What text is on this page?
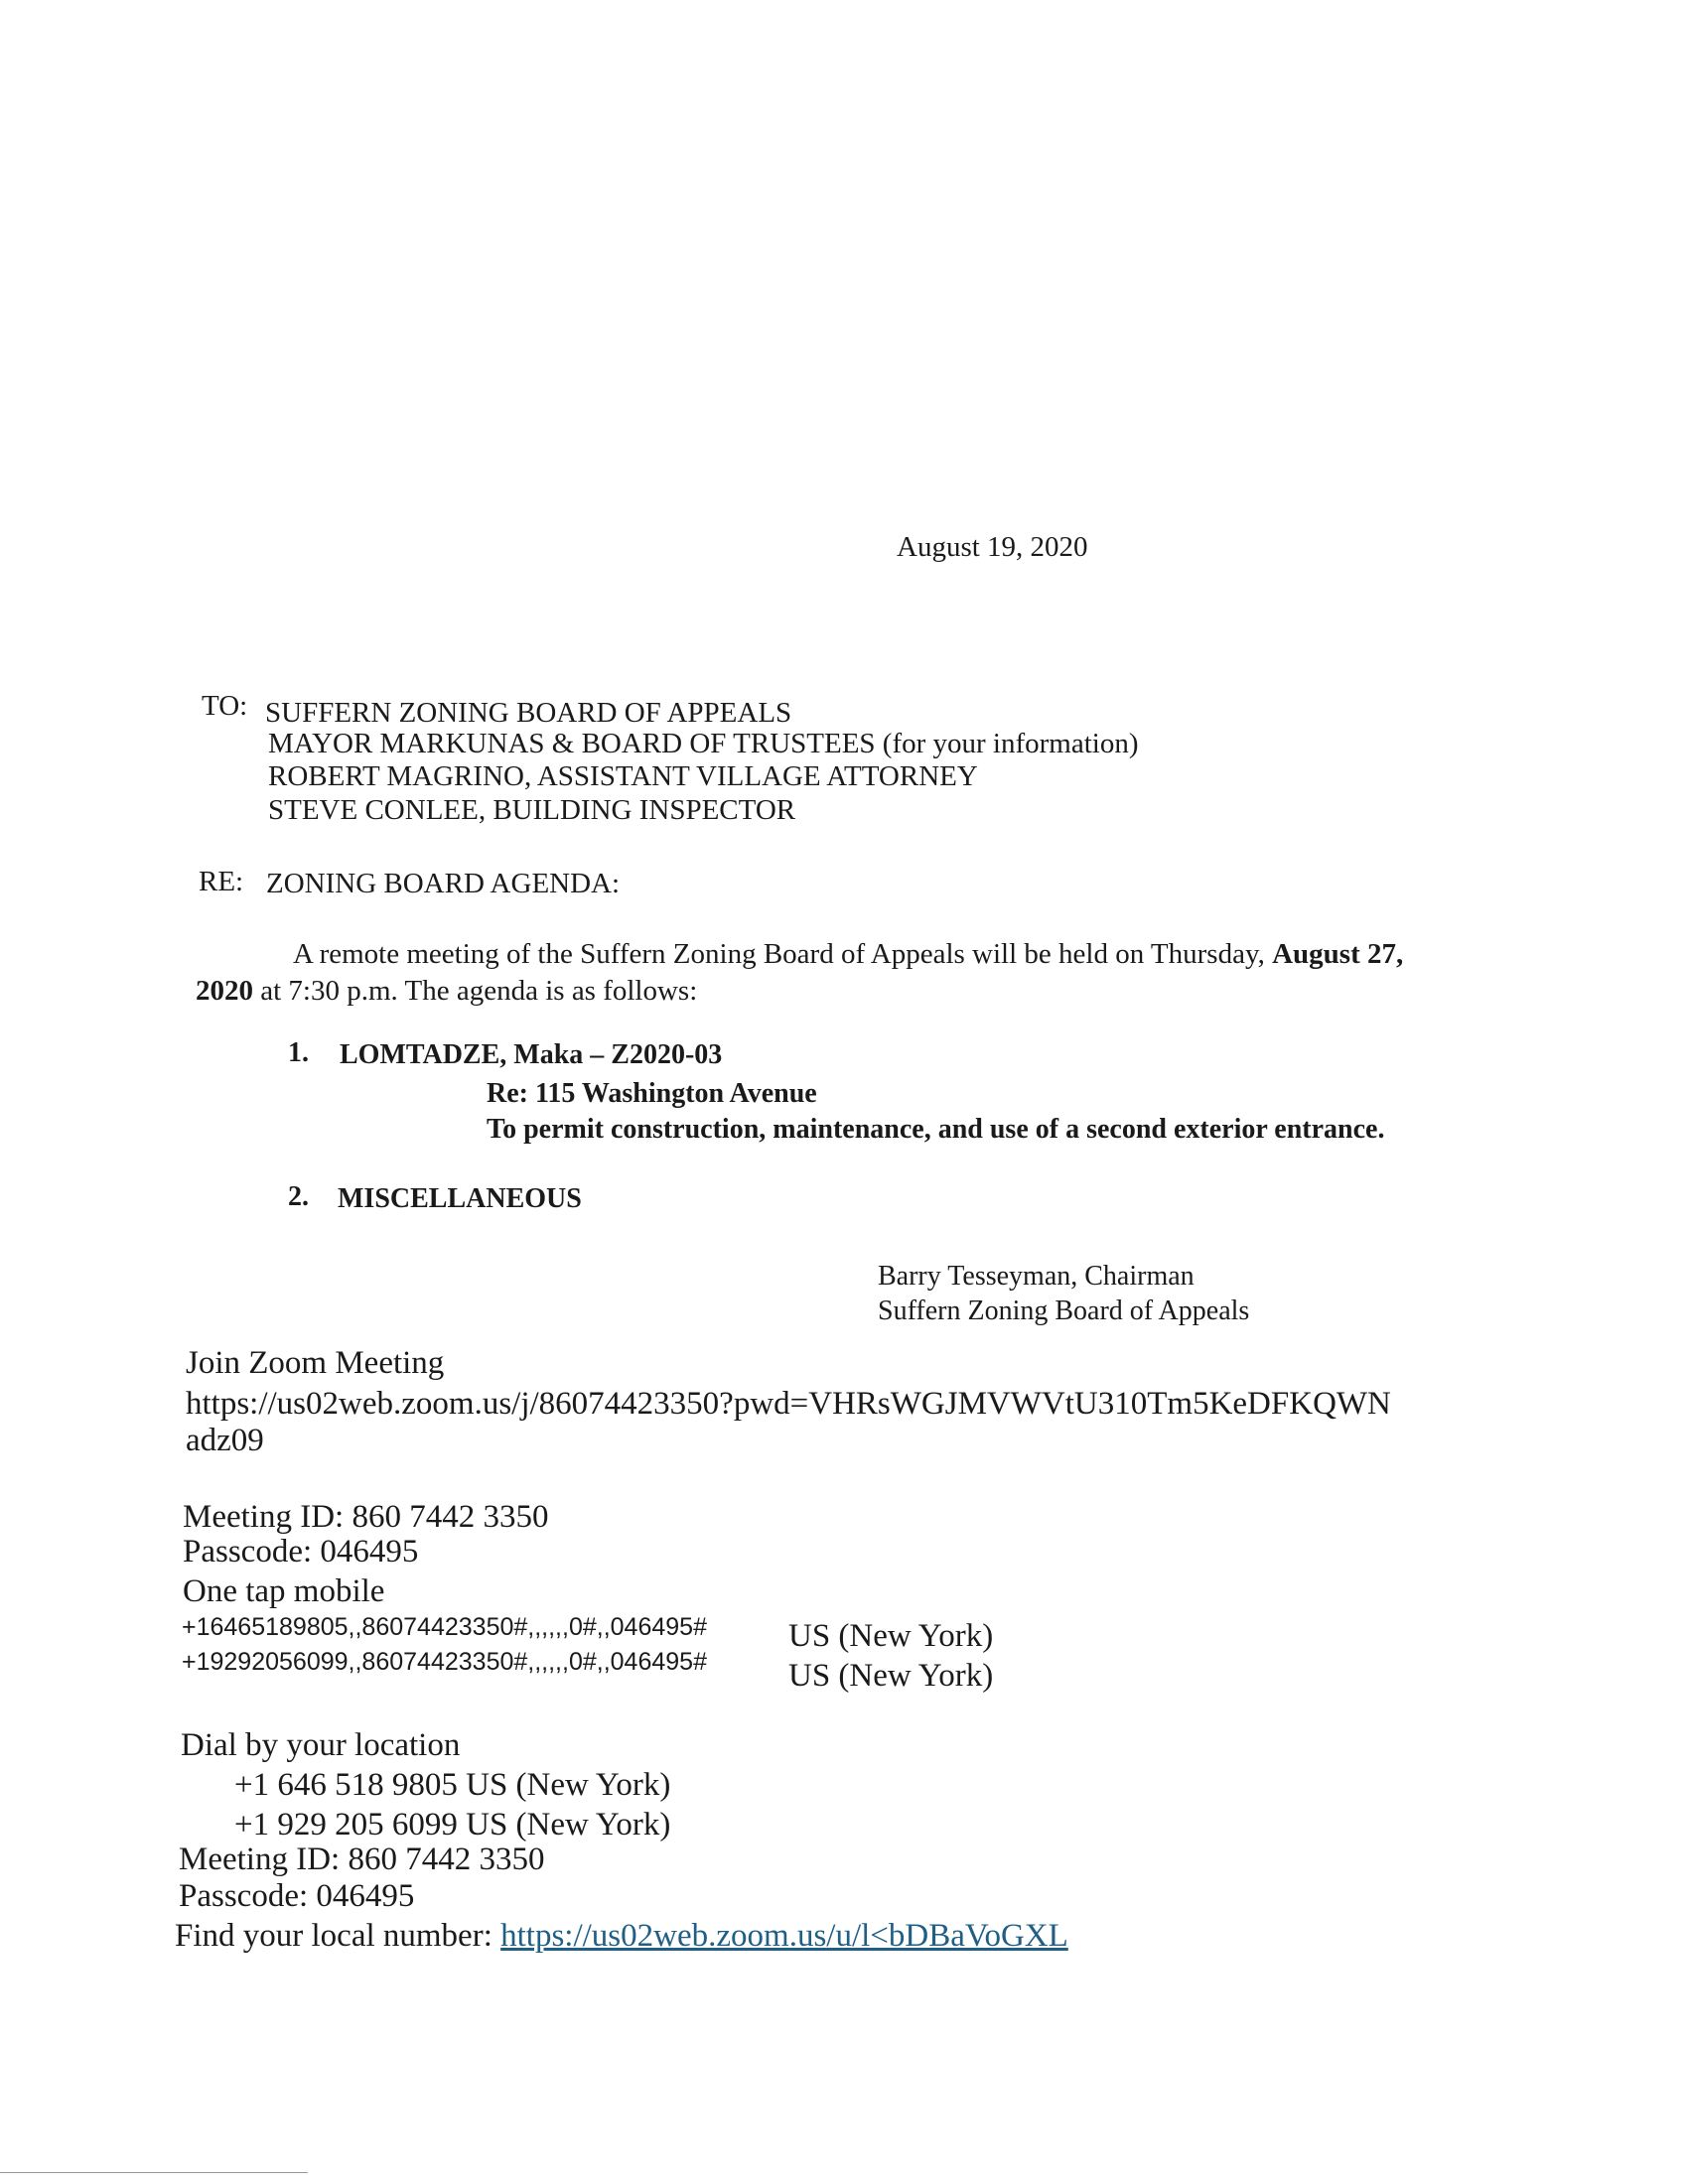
August 19, 2020
TO: SUFFERN ZONING BOARD OF APPEALS
MAYOR MARKUNAS & BOARD OF TRUSTEES (for your information)
ROBERT MAGRINO, ASSISTANT VILLAGE ATTORNEY
STEVE CONLEE, BUILDING INSPECTOR
RE: ZONING BOARD AGENDA:
A remote meeting of the Suffern Zoning Board of Appeals will be held on Thursday, August 27,
2020 at 7:30 p.m. The agenda is as follows:
1. LOMTADZE, Maka – Z2020-03
Re: 115 Washington Avenue
To permit construction, maintenance, and use of a second exterior entrance.
2. MISCELLANEOUS
Barry Tesseyman, Chairman
Suffern Zoning Board of Appeals
Join Zoom Meeting
https://us02web.zoom.us/j/86074423350?pwd=VHRsWGJMVWVtU310Tm5KeDFKQWN
adz09
Meeting ID: 860 7442 3350
Passcode: 046495
One tap mobile
+16465189805,,86074423350#,,,,,,0#,,046495# US (New York)
+19292056099,,86074423350#,,,,,,0#,,046495# US (New York)
Dial by your location
+1 646 518 9805 US (New York)
+1 929 205 6099 US (New York)
Meeting ID: 860 7442 3350
Passcode: 046495
Find your local number: https://us02web.zoom.us/u/l<bDBaVoGXL
